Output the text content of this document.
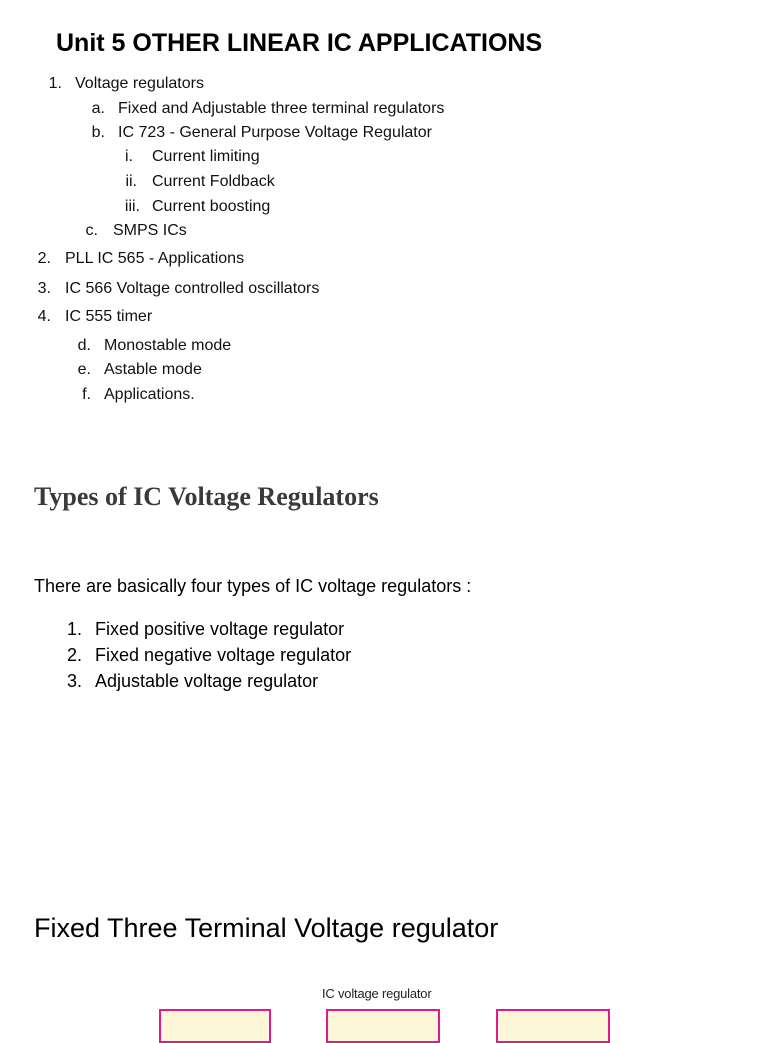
Unit 5 OTHER LINEAR IC APPLICATIONS
1. Voltage regulators
a. Fixed and Adjustable three terminal regulators
b. IC 723 - General Purpose Voltage Regulator
i. Current limiting
ii. Current Foldback
iii. Current boosting
c. SMPS ICs
2. PLL IC 565 - Applications
3. IC 566 Voltage controlled oscillators
4. IC 555 timer
d. Monostable mode
e. Astable mode
f. Applications.
Types of IC Voltage Regulators
There are basically four types of IC voltage regulators :
1. Fixed positive voltage regulator
2. Fixed negative voltage regulator
3. Adjustable voltage regulator
Fixed Three Terminal Voltage regulator
IC voltage regulator
